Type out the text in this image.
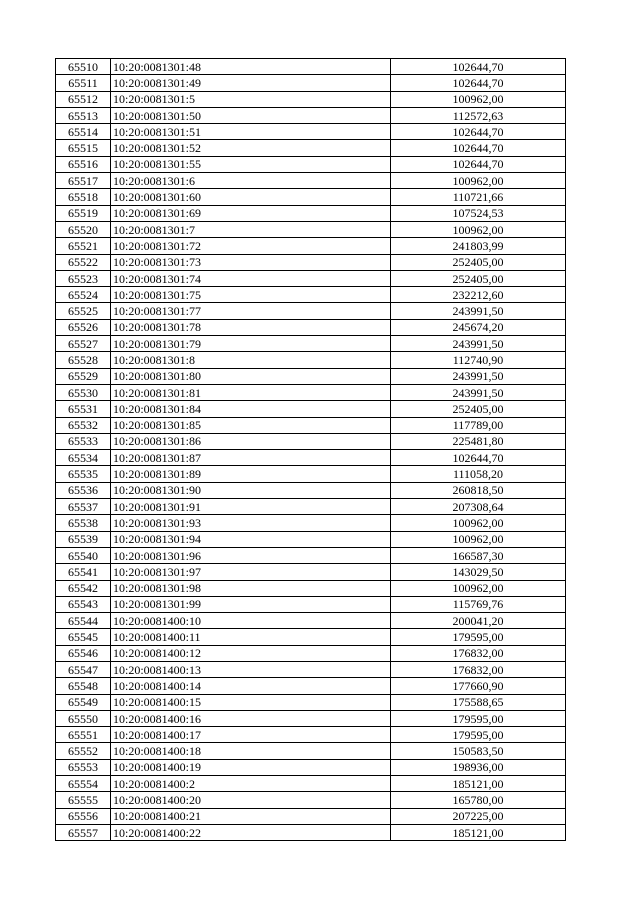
65510	10:20:0081301:48	102644,70
65511	10:20:0081301:49	102644,70
65512	10:20:0081301:5	100962,00
65513	10:20:0081301:50	112572,63
65514	10:20:0081301:51	102644,70
65515	10:20:0081301:52	102644,70
65516	10:20:0081301:55	102644,70
65517	10:20:0081301:6	100962,00
65518	10:20:0081301:60	110721,66
65519	10:20:0081301:69	107524,53
65520	10:20:0081301:7	100962,00
65521	10:20:0081301:72	241803,99
65522	10:20:0081301:73	252405,00
65523	10:20:0081301:74	252405,00
65524	10:20:0081301:75	232212,60
65525	10:20:0081301:77	243991,50
65526	10:20:0081301:78	245674,20
65527	10:20:0081301:79	243991,50
65528	10:20:0081301:8	112740,90
65529	10:20:0081301:80	243991,50
65530	10:20:0081301:81	243991,50
65531	10:20:0081301:84	252405,00
65532	10:20:0081301:85	117789,00
65533	10:20:0081301:86	225481,80
65534	10:20:0081301:87	102644,70
65535	10:20:0081301:89	111058,20
65536	10:20:0081301:90	260818,50
65537	10:20:0081301:91	207308,64
65538	10:20:0081301:93	100962,00
65539	10:20:0081301:94	100962,00
65540	10:20:0081301:96	166587,30
65541	10:20:0081301:97	143029,50
65542	10:20:0081301:98	100962,00
65543	10:20:0081301:99	115769,76
65544	10:20:0081400:10	200041,20
65545	10:20:0081400:11	179595,00
65546	10:20:0081400:12	176832,00
65547	10:20:0081400:13	176832,00
65548	10:20:0081400:14	177660,90
65549	10:20:0081400:15	175588,65
65550	10:20:0081400:16	179595,00
65551	10:20:0081400:17	179595,00
65552	10:20:0081400:18	150583,50
65553	10:20:0081400:19	198936,00
65554	10:20:0081400:2	185121,00
65555	10:20:0081400:20	165780,00
65556	10:20:0081400:21	207225,00
65557	10:20:0081400:22	185121,00
